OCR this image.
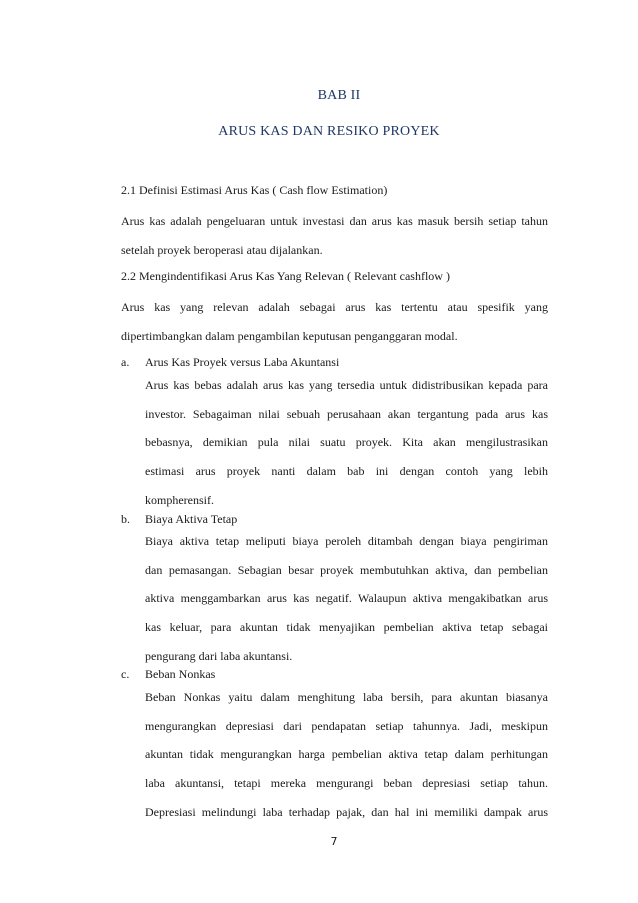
BAB II
ARUS KAS DAN RESIKO PROYEK
2.1 Definisi Estimasi Arus Kas ( Cash flow Estimation)
Arus kas adalah pengeluaran untuk investasi dan arus kas masuk bersih setiap tahun
setelah proyek beroperasi atau dijalankan.
2.2 Mengindentifikasi Arus Kas Yang Relevan ( Relevant cashflow )
Arus kas yang relevan adalah sebagai arus kas tertentu atau spesifik yang
dipertimbangkan dalam pengambilan keputusan penganggaran modal.
a. Arus Kas Proyek versus Laba Akuntansi
Arus kas bebas adalah arus kas yang tersedia untuk didistribusikan kepada para
investor. Sebagaiman nilai sebuah perusahaan akan tergantung pada arus kas
bebasnya, demikian pula nilai suatu proyek. Kita akan mengilustrasikan
estimasi arus proyek nanti dalam bab ini dengan contoh yang lebih
kompherensif.
b. Biaya Aktiva Tetap
Biaya aktiva tetap meliputi biaya peroleh ditambah dengan biaya pengiriman
dan pemasangan. Sebagian besar proyek membutuhkan aktiva, dan pembelian
aktiva menggambarkan arus kas negatif. Walaupun aktiva mengakibatkan arus
kas keluar, para akuntan tidak menyajikan pembelian aktiva tetap sebagai
pengurang dari laba akuntansi.
c. Beban Nonkas
Beban Nonkas yaitu dalam menghitung laba bersih, para akuntan biasanya
mengurangkan depresiasi dari pendapatan setiap tahunnya. Jadi, meskipun
akuntan tidak mengurangkan harga pembelian aktiva tetap dalam perhitungan
laba akuntansi, tetapi mereka mengurangi beban depresiasi setiap tahun.
Depresiasi melindungi laba terhadap pajak, dan hal ini memiliki dampak arus
7
